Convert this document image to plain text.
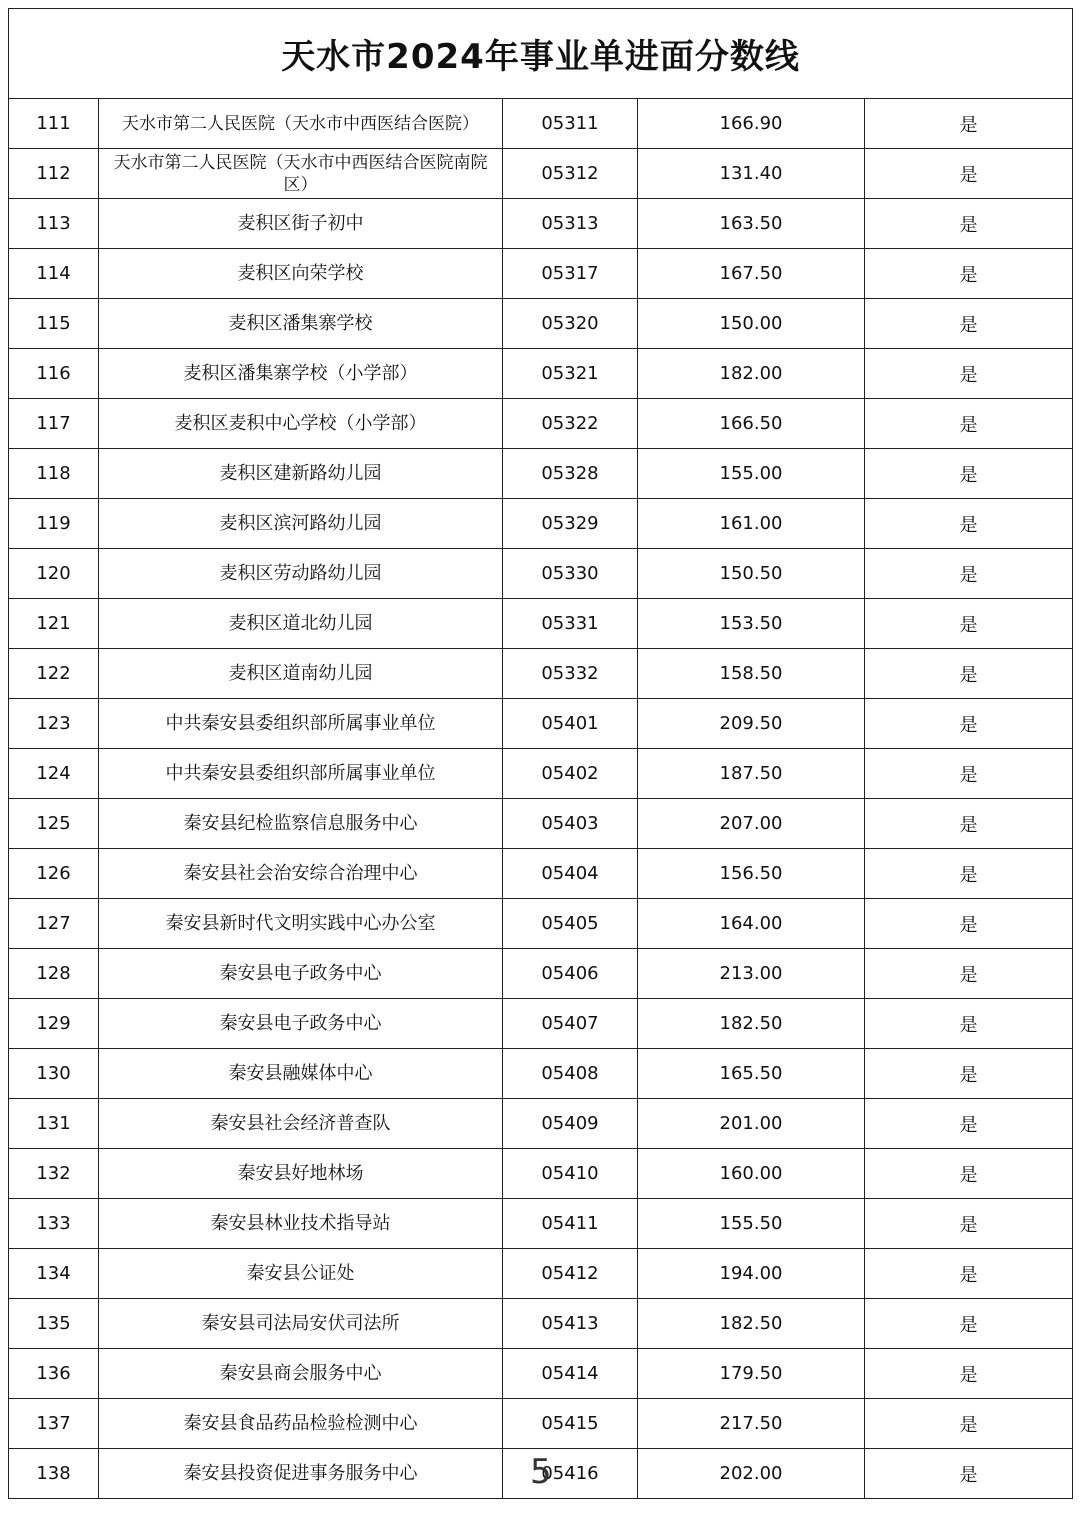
天水市2024年事业单进面分数线				
111	天水市第二人民医院（天水市中西医结合医院）	05311	166.90	是
112	天水市第二人民医院（天水市中西医结合医院南院区）	05312	131.40	是
113	麦积区街子初中	05313	163.50	是
114	麦积区向荣学校	05317	167.50	是
115	麦积区潘集寨学校	05320	150.00	是
116	麦积区潘集寨学校（小学部）	05321	182.00	是
117	麦积区麦积中心学校（小学部）	05322	166.50	是
118	麦积区建新路幼儿园	05328	155.00	是
119	麦积区滨河路幼儿园	05329	161.00	是
120	麦积区劳动路幼儿园	05330	150.50	是
121	麦积区道北幼儿园	05331	153.50	是
122	麦积区道南幼儿园	05332	158.50	是
123	中共秦安县委组织部所属事业单位	05401	209.50	是
124	中共秦安县委组织部所属事业单位	05402	187.50	是
125	秦安县纪检监察信息服务中心	05403	207.00	是
126	秦安县社会治安综合治理中心	05404	156.50	是
127	秦安县新时代文明实践中心办公室	05405	164.00	是
128	秦安县电子政务中心	05406	213.00	是
129	秦安县电子政务中心	05407	182.50	是
130	秦安县融媒体中心	05408	165.50	是
131	秦安县社会经济普查队	05409	201.00	是
132	秦安县好地林场	05410	160.00	是
133	秦安县林业技术指导站	05411	155.50	是
134	秦安县公证处	05412	194.00	是
135	秦安县司法局安伏司法所	05413	182.50	是
136	秦安县商会服务中心	05414	179.50	是
137	秦安县食品药品检验检测中心	05415	217.50	是
138	秦安县投资促进事务服务中心	05416	202.00	是
5
